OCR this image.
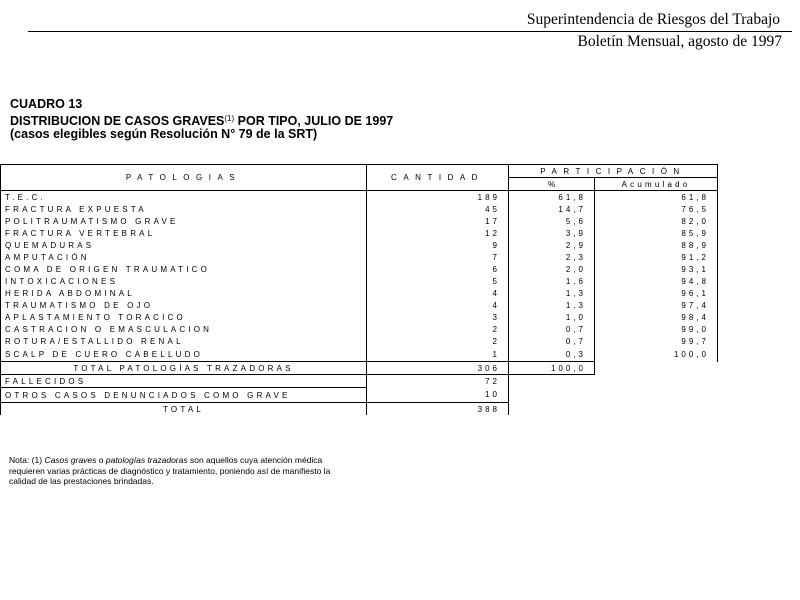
Superintendencia de Riesgos del Trabajo
Boletín Mensual, agosto de 1997
CUADRO 13
DISTRIBUCION DE CASOS GRAVES$^{(1)}$ POR TIPO, JULIO DE 1997
(casos elegibles según Resolución N° 79 de la SRT)
PATOLOGIAS	CANTIDAD	PARTICIPACIÓN	
		%	Acumulado
T.E.C.	189	61,8	61,8
FRACTURA EXPUESTA	45	14,7	76,5
POLITRAUMATISMO GRAVE	17	5,6	82,0
FRACTURA VERTEBRAL	12	3,9	85,9
QUEMADURAS	9	2,9	88,9
AMPUTACIÓN	7	2,3	91,2
COMA DE ORIGEN TRAUMATICO	6	2,0	93,1
INTOXICACIONES	5	1,6	94,8
HERIDA ABDOMINAL	4	1,3	96,1
TRAUMATISMO DE OJO	4	1,3	97,4
APLASTAMIENTO TORACICO	3	1,0	98,4
CASTRACION O EMASCULACION	2	0,7	99,0
ROTURA/ESTALLIDO RENAL	2	0,7	99,7
SCALP DE CUERO CABELLUDO	1	0,3	100,0
TOTAL PATOLOGÍAS TRAZADORAS	306	100,0	
FALLECIDOS	72		
OTROS CASOS DENUNCIADOS COMO GRAVE	10		
TOTAL	388		
Nota: (1) Casos graves o patologías trazadoras son aquellos cuya atención médica
requieren varias prácticas de diagnóstico y tratamiento, poniendo así de manifiesto la
calidad de las prestaciones brindadas.
